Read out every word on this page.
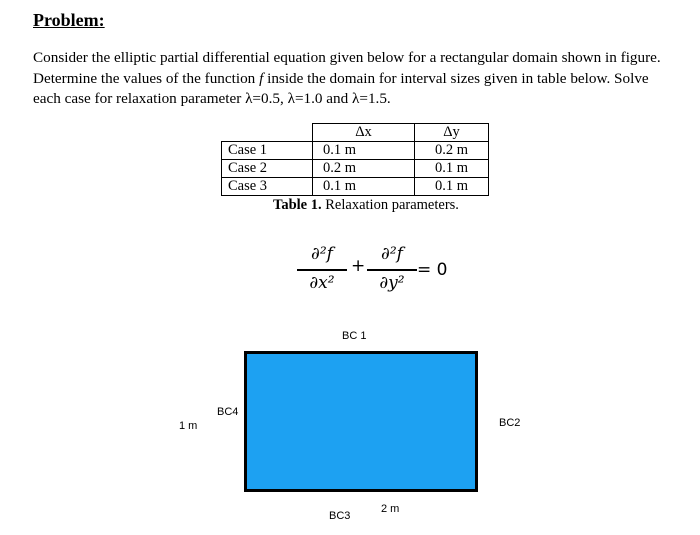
Problem:
Consider the elliptic partial differential equation given below for a rectangular domain shown in figure.
Determine the values of the function f inside the domain for interval sizes given in table below. Solve
each case for relaxation parameter λ=0.5, λ=1.0 and λ=1.5.
	Δx	Δy
Case 1	0.1 m	0.2 m
Case 2	0.2 m	0.1 m
Case 3	0.1 m	0.1 m
Table 1. Relaxation parameters.
∂²f
∂x²
+
∂²f
∂y²
= 0
BC 1
BC2
BC3
BC4
1 m
2 m
